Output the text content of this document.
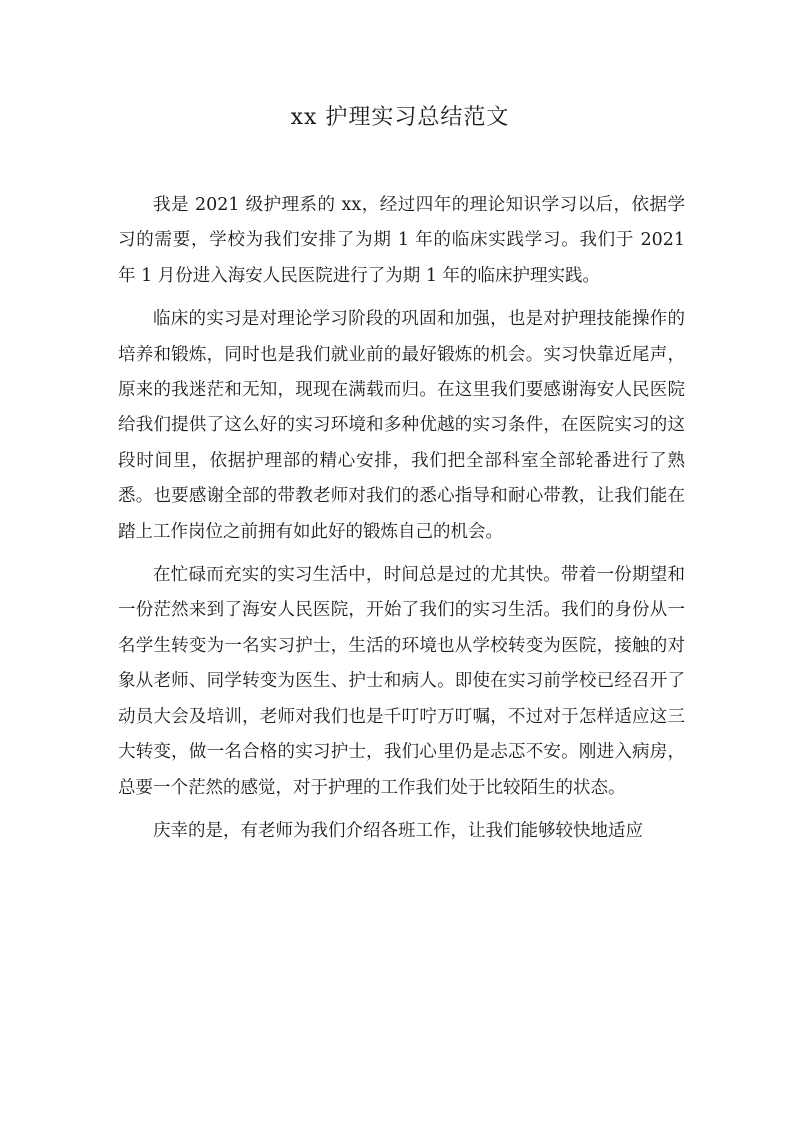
xx 护理实习总结范文

我是 2021 级护理系的 xx，经过四年的理论知识学习以后，依据学习的需要，学校为我们安排了为期 1 年的临床实践学习。我们于 2021 年 1 月份进入海安人民医院进行了为期 1 年的临床护理实践。

临床的实习是对理论学习阶段的巩固和加强，也是对护理技能操作的培养和锻炼，同时也是我们就业前的最好锻炼的机会。实习快靠近尾声，原来的我迷茫和无知，现现在满载而归。在这里我们要感谢海安人民医院给我们提供了这么好的实习环境和多种优越的实习条件，在医院实习的这段时间里，依据护理部的精心安排，我们把全部科室全部轮番进行了熟悉。也要感谢全部的带教老师对我们的悉心指导和耐心带教，让我们能在踏上工作岗位之前拥有如此好的锻炼自己的机会。

在忙碌而充实的实习生活中，时间总是过的尤其快。带着一份期望和一份茫然来到了海安人民医院，开始了我们的实习生活。我们的身份从一名学生转变为一名实习护士，生活的环境也从学校转变为医院，接触的对象从老师、同学转变为医生、护士和病人。即使在实习前学校已经召开了动员大会及培训，老师对我们也是千叮咛万叮嘱，不过对于怎样适应这三大转变，做一名合格的实习护士，我们心里仍是忐忑不安。刚进入病房，总要一个茫然的感觉，对于护理的工作我们处于比较陌生的状态。

庆幸的是，有老师为我们介绍各班工作，让我们能够较快地适应
